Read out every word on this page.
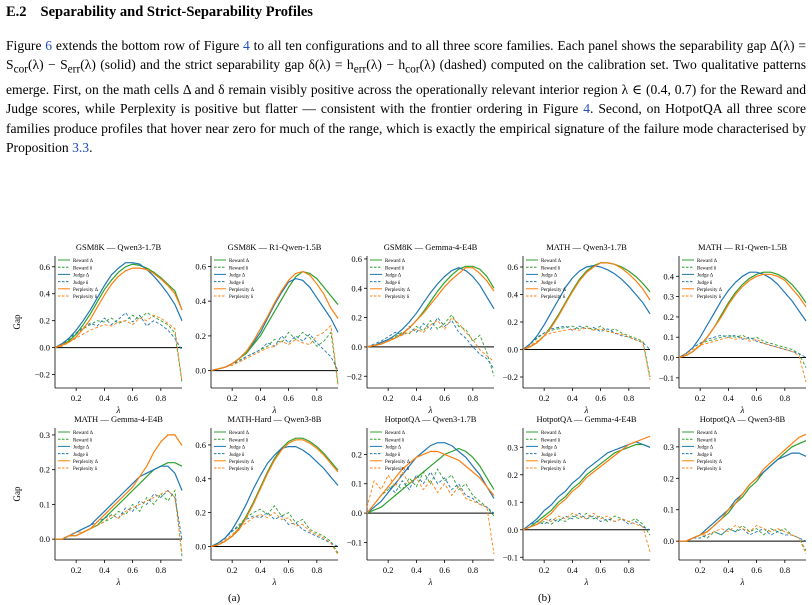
E.2 Separability and Strict-Separability Profiles
Figure 6 extends the bottom row of Figure 4 to all ten configurations and to all three score families. Each panel shows the separability gap $\Delta(\lambda) = S_{cor}(\lambda) - S_{err}(\lambda)$ (solid) and the strict separability gap $\delta(\lambda) = h_{err}(\lambda) - h_{cor}(\lambda)$ (dashed) computed on the calibration set. Two qualitative patterns emerge. First, on the math cells Δ and δ remain visibly positive across the operationally relevant interior region λ ∈ (0.4, 0.7) for the Reward and Judge scores, while Perplexity is positive but flatter — consistent with the frontier ordering in Figure 4. Second, on HotpotQA all three score families produce profiles that hover near zero for much of the range, which is exactly the empirical signature of the failure mode characterised by Proposition 3.3.
GSM8K — Qwen3-1.7B
−0.2
0.0
0.2
0.4
0.6
0.2 0.4 0.6 0.8
λ
Gap
Reward Δ
Reward δ
Judge Δ
Judge δ
Perplexity Δ
Perplexity δ
GSM8K — R1-Qwen-1.5B
0.0
0.2
0.4
0.6
0.2 0.4 0.6 0.8
λ
Reward Δ
Reward δ
Judge Δ
Judge δ
Perplexity Δ
Perplexity δ
GSM8K — Gemma-4-E4B
−0.2
0.0
0.2
0.4
0.6
0.2 0.4 0.6 0.8
λ
Reward Δ
Reward δ
Judge Δ
Judge δ
Perplexity Δ
Perplexity δ
MATH — Qwen3-1.7B
−0.2
0.0
0.2
0.4
0.6
0.2 0.4 0.6 0.8
λ
Reward Δ
Reward δ
Judge Δ
Judge δ
Perplexity Δ
Perplexity δ
MATH — R1-Qwen-1.5B
−0.1
0.0
0.1
0.2
0.3
0.4
0.2 0.4 0.6 0.8
λ
Reward Δ
Reward δ
Judge Δ
Judge δ
Perplexity Δ
Perplexity δ
MATH — Gemma-4-E4B
0.0
0.1
0.2
0.3
0.2 0.4 0.6 0.8
λ
Gap
Reward Δ
Reward δ
Judge Δ
Judge δ
Perplexity Δ
Perplexity δ
MATH-Hard — Qwen3-8B
0.0
0.2
0.4
0.6
0.2 0.4 0.6 0.8
λ
Reward Δ
Reward δ
Judge Δ
Judge δ
Perplexity Δ
Perplexity δ
HotpotQA — Qwen3-1.7B
−0.1
0.0
0.1
0.2
0.2 0.4 0.6 0.8
λ
Reward Δ
Reward δ
Judge Δ
Judge δ
Perplexity Δ
Perplexity δ
HotpotQA — Gemma-4-E4B
−0.1
0.0
0.1
0.2
0.3
0.2 0.4 0.6 0.8
λ
Reward Δ
Reward δ
Judge Δ
Judge δ
Perplexity Δ
Perplexity δ
HotpotQA — Qwen3-8B
0.0
0.1
0.2
0.3
0.2 0.4 0.6 0.8
λ
Reward Δ
Reward δ
Judge Δ
Judge δ
Perplexity Δ
Perplexity δ
(a)	(b)
